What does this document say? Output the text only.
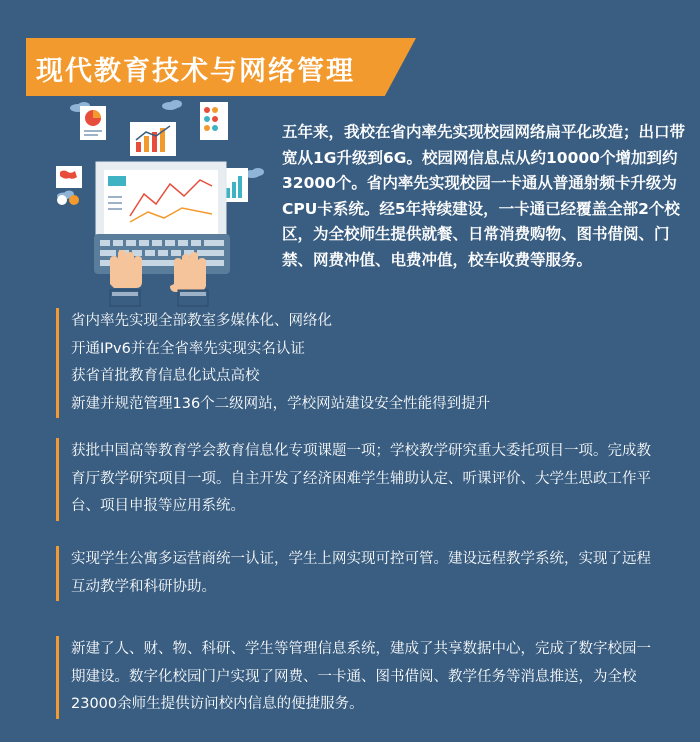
现代教育技术与网络管理
五年来，我校在省内率先实现校园网络扁平化改造；出口带宽从1G升级到6G。校园网信息点从约10000个增加到约32000个。省内率先实现校园一卡通从普通射频卡升级为CPU卡系统。经5年持续建设，一卡通已经覆盖全部2个校区，为全校师生提供就餐、日常消费购物、图书借阅、门禁、网费冲值、电费冲值，校车收费等服务。
省内率先实现全部教室多媒体化、网络化
开通IPv6并在全省率先实现实名认证
获省首批教育信息化试点高校
新建并规范管理136个二级网站，学校网站建设安全性能得到提升

获批中国高等教育学会教育信息化专项课题一项；学校教学研究重大委托项目一项。完成教育厅教学研究项目一项。自主开发了经济困难学生辅助认定、听课评价、大学生思政工作平台、项目申报等应用系统。

实现学生公寓多运营商统一认证，学生上网实现可控可管。建设远程教学系统，实现了远程互动教学和科研协助。

新建了人、财、物、科研、学生等管理信息系统，建成了共享数据中心，完成了数字校园一期建设。数字化校园门户实现了网费、一卡通、图书借阅、教学任务等消息推送，为全校23000余师生提供访问校内信息的便捷服务。
